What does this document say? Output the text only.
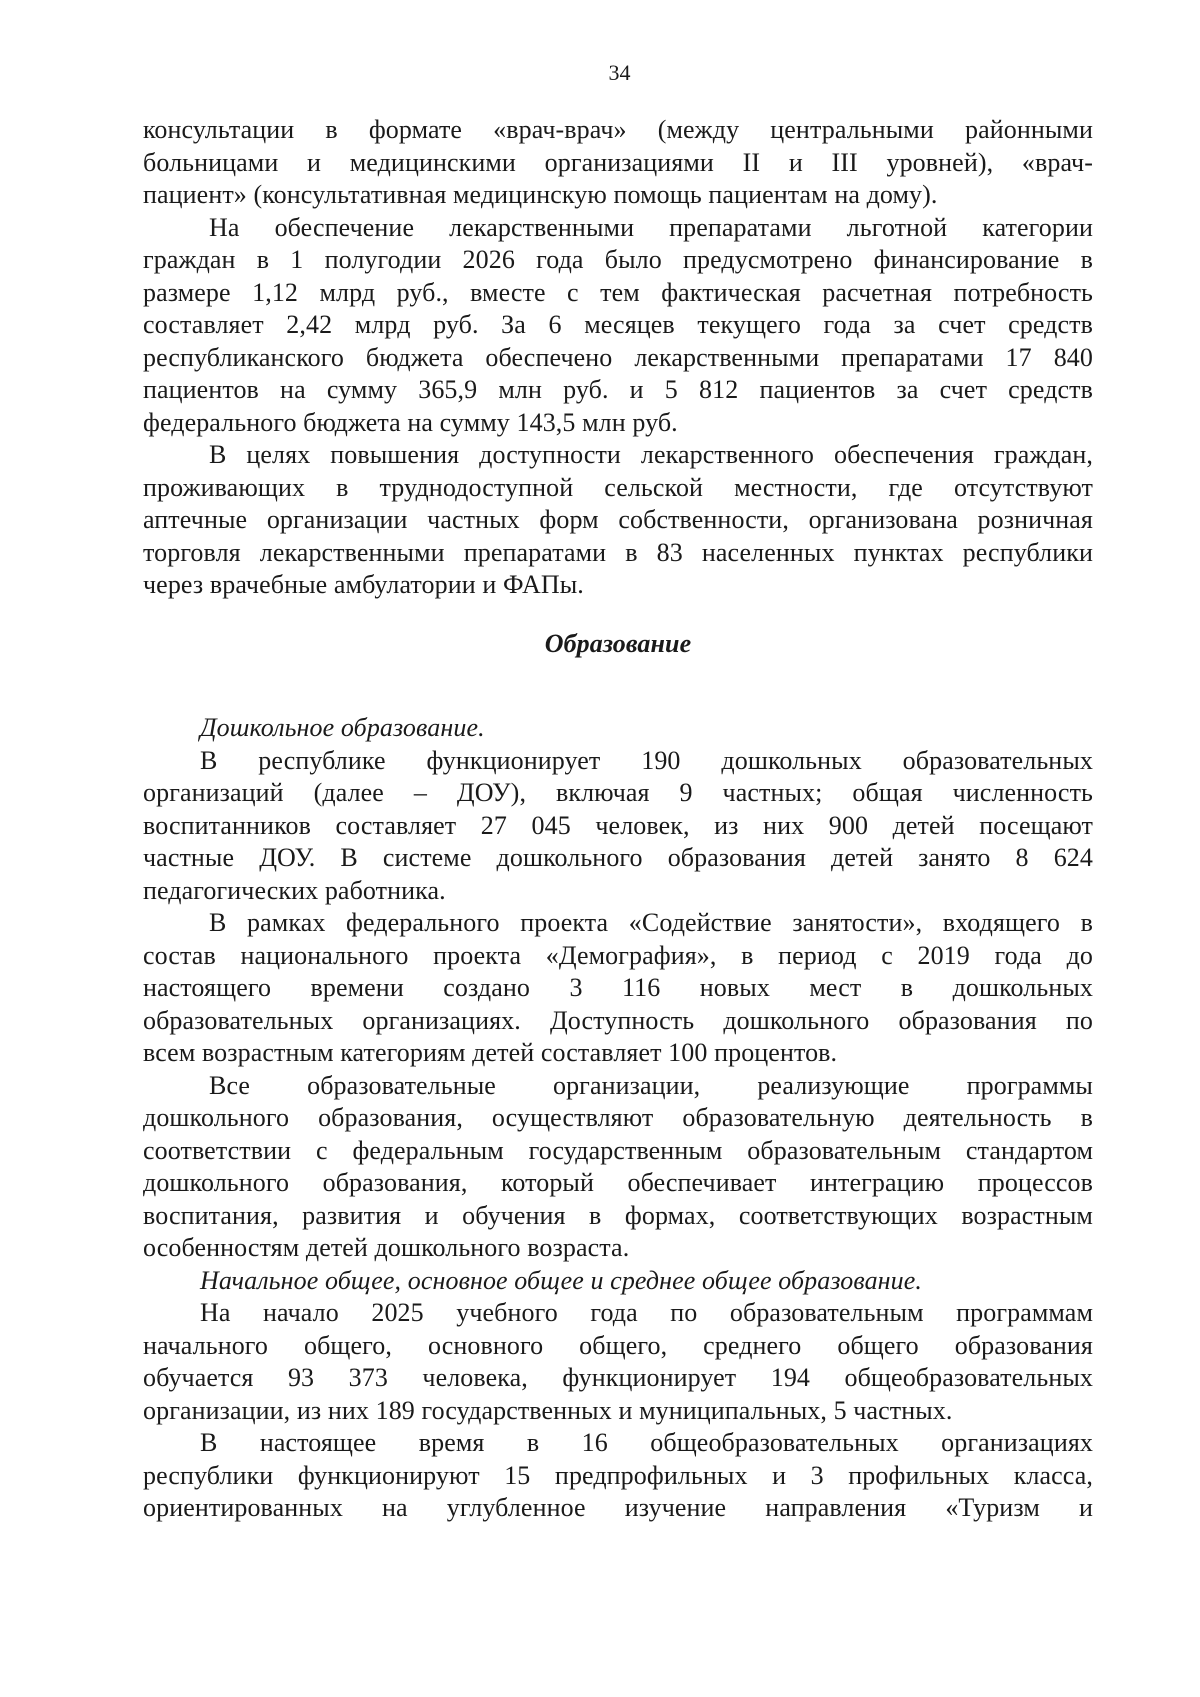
34
консультации в формате «врач-врач» (между центральными районными
больницами и медицинскими организациями II и III уровней), «врач-
пациент» (консультативная медицинскую помощь пациентам на дому).
На обеспечение лекарственными препаратами льготной категории
граждан в 1 полугодии 2026 года было предусмотрено финансирование в
размере 1,12 млрд руб., вместе с тем фактическая расчетная потребность
составляет 2,42 млрд руб. За 6 месяцев текущего года за счет средств
республиканского бюджета обеспечено лекарственными препаратами 17 840
пациентов на сумму 365,9 млн руб. и 5 812 пациентов за счет средств
федерального бюджета на сумму 143,5 млн руб.
В целях повышения доступности лекарственного обеспечения граждан,
проживающих в труднодоступной сельской местности, где отсутствуют
аптечные организации частных форм собственности, организована розничная
торговля лекарственными препаратами в 83 населенных пунктах республики
через врачебные амбулатории и ФАПы.
Образование
Дошкольное образование.
В республике функционирует 190 дошкольных образовательных
организаций (далее – ДОУ), включая 9 частных; общая численность
воспитанников составляет 27 045 человек, из них 900 детей посещают
частные ДОУ. В системе дошкольного образования детей занято 8 624
педагогических работника.
В рамках федерального проекта «Содействие занятости», входящего в
состав национального проекта «Демография», в период с 2019 года до
настоящего времени создано 3 116 новых мест в дошкольных
образовательных организациях. Доступность дошкольного образования по
всем возрастным категориям детей составляет 100 процентов.
Все образовательные организации, реализующие программы
дошкольного образования, осуществляют образовательную деятельность в
соответствии с федеральным государственным образовательным стандартом
дошкольного образования, который обеспечивает интеграцию процессов
воспитания, развития и обучения в формах, соответствующих возрастным
особенностям детей дошкольного возраста.
Начальное общее, основное общее и среднее общее образование.
На начало 2025 учебного года по образовательным программам
начального общего, основного общего, среднего общего образования
обучается 93 373 человека, функционирует 194 общеобразовательных
организации, из них 189 государственных и муниципальных, 5 частных.
В настоящее время в 16 общеобразовательных организациях
республики функционируют 15 предпрофильных и 3 профильных класса,
ориентированных на углубленное изучение направления «Туризм и
